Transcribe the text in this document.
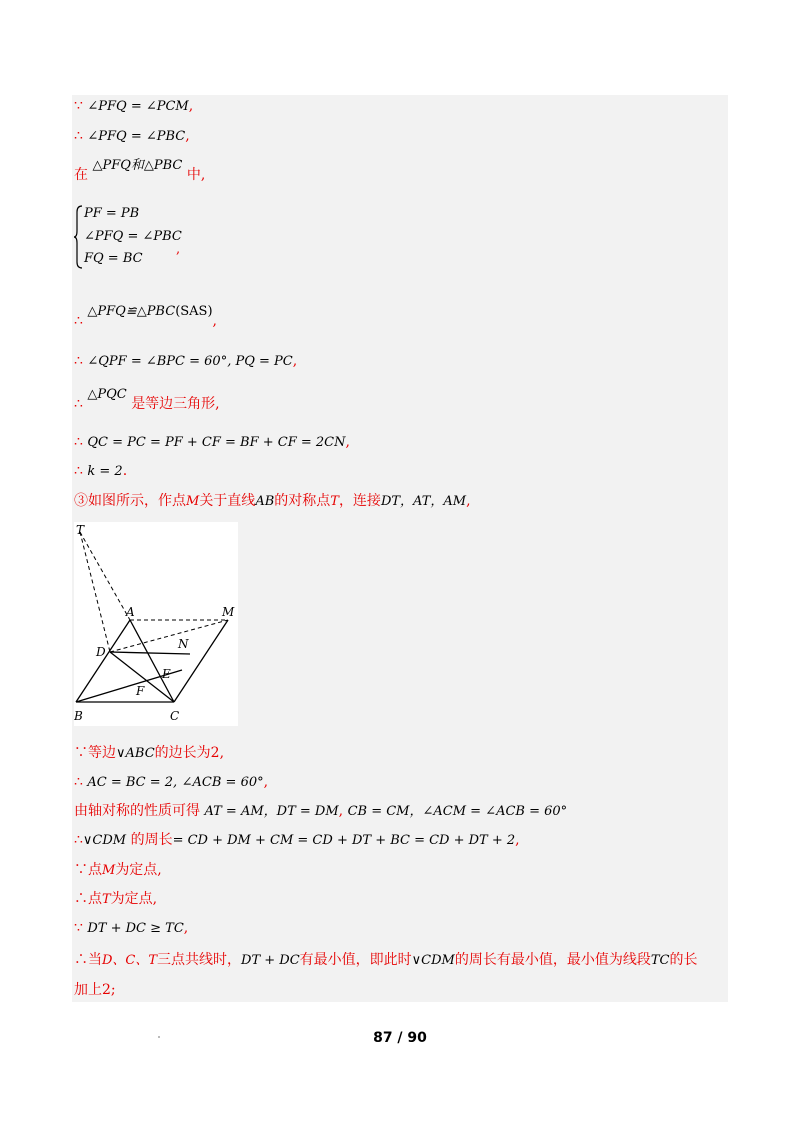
∵ ∠PFQ = ∠PCM,
∴ ∠PFQ = ∠PBC,
在 △PFQ和△PBC 中,
PF = PB
∠PFQ = ∠PBC
FQ = BC
,
∴ △PFQ≌△PBC(SAS),
∴ ∠QPF = ∠BPC = 60°, PQ = PC,
∴ △PQC 是等边三角形,
∴ QC = PC = PF + CF = BF + CF = 2CN,
∴ k = 2.
③如图所示，作点M关于直线AB的对称点T，连接DT，AT，AM,
T
A	M
N
D
E
F
B	C
∵等边∨ABC的边长为2,
∴ AC = BC = 2, ∠ACB = 60°,
由轴对称的性质可得 AT = AM，DT = DM, CB = CM，∠ACM = ∠ACB = 60°
∴∨CDM 的周长= CD + DM + CM = CD + DT + BC = CD + DT + 2,
∵点M为定点,
∴点T为定点,
∵ DT + DC ≥ TC,
∴当D、C、T三点共线时，DT + DC有最小值，即此时∨CDM的周长有最小值，最小值为线段TC的长
加上2;
87 / 90
